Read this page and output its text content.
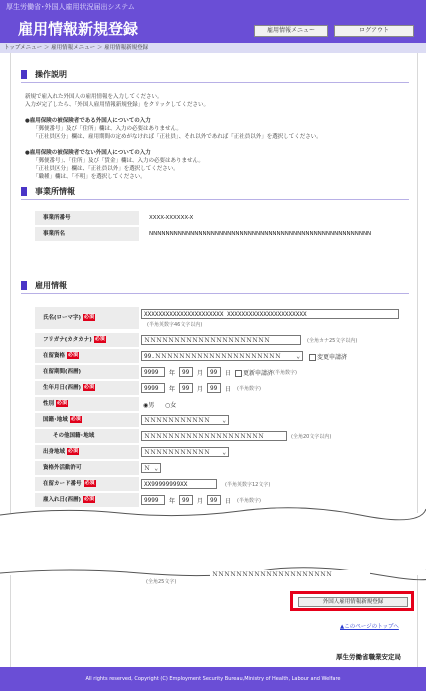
厚生労働省･外国人雇用状況届出システム
雇用情報新規登録	雇用情報メニュー	ログアウト
トップメニュー ＞ 雇用情報メニュー ＞ 雇用情報新規登録
操作説明
新規で雇入れた外国人の雇用情報を入力してください。
入力が完了したら、「外国人雇用情報新規登録」をクリックしてください。
●雇用保険の被保険者である外国人についての入力
「郵便番号」及び「住所」欄は、入力の必要はありません。
「正社員区分」欄は、雇用期間の定めがなければ「正社員」、それ以外であれば「正社員以外」を選択してください。
●雇用保険の被保険者でない外国人についての入力
「郵便番号」、「住所」及び「賃金」欄は、入力の必要はありません。
「正社員区分」欄は、「正社員以外」を選択してください。
「職種」欄は、「不明」を選択してください。
事業所情報
事業所番号	XXXX-XXXXXX-X
事業所名	NNNNNNNNNNNNNNNNNNNNNNNNNNNNNNNNNNNNNNNNNNNNNNNNNNNNNN
雇用情報
氏名(ローマ字) 必須	XXXXXXXXXXXXXXXXXXXXXX XXXXXXXXXXXXXXXXXXXXXX
(半角英数字46文字以内)
フリガナ(カタカナ) 必須	ＮＮＮＮＮＮＮＮＮＮＮＮＮＮＮＮＮＮＮＮＮ	(全角カナ25文字以内)
在留資格 必須	99.ＮＮＮＮＮＮＮＮＮＮＮＮＮＮＮＮＮＮＮＮＮ	⌄	変更申請済
在留期間(西暦)	9999	年	99	月	99	日	更新申請済 (半角数字)
生年月日(西暦) 必須	9999	年	99	月	99	日 (半角数字)
性別 必須	◉男 ○女
国籍･地域 必須	ＮＮＮＮＮＮＮＮＮＮＮ ⌄
その他国籍･地域	ＮＮＮＮＮＮＮＮＮＮＮＮＮＮＮＮＮＮＮＮ	(全角20文字以内)
出身地域 必須	ＮＮＮＮＮＮＮＮＮＮＮ ⌄
資格外活動許可	Ｎ ⌄
在留カード番号 必須	XX99999999XX	(半角英数字12文字)
雇入れ日(西暦) 必須	9999	年	99	月	99	日 (半角数字)
ＮＮＮＮＮＮＮＮＮＮＮＮＮＮＮＮＮＮＮＮ
(全角25文字)
外国人雇用情報新規登録
▲このページのトップへ
厚生労働省職業安定局
All rights reserved, Copyright (C) Employment Security Bureau,Ministry of Health, Labour and Welfare
